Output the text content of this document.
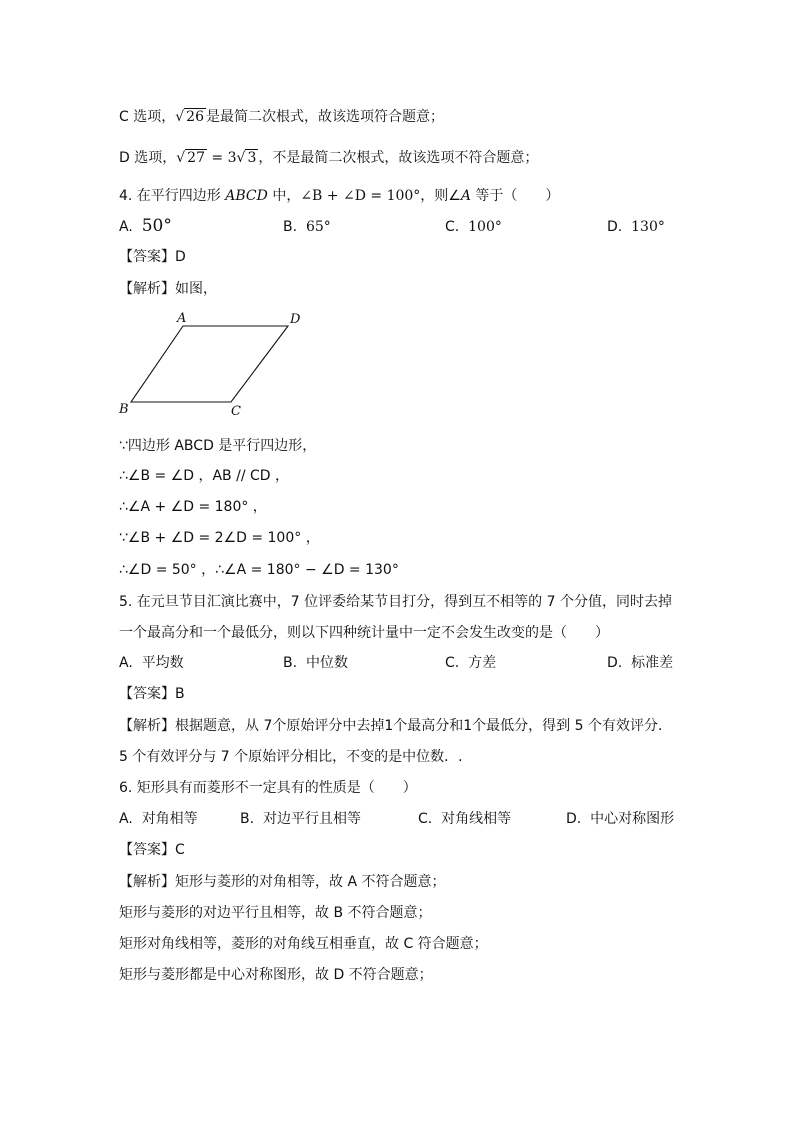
C 选项，√ 26 是最简二次根式，故该选项符合题意；
D 选项，√ 27 = 3√ 3 ，不是最简二次根式，故该选项不符合题意；
4. 在平行四边形 ABCD 中，∠B + ∠D = 100°，则∠A 等于（　　）
A. 50°	B. 65°	C. 100°	D. 130°
【答案】D
【解析】如图，
A	D
B	C
∵四边形 ABCD 是平行四边形，
∴∠B = ∠D ，AB // CD ，
∴∠A + ∠D = 180° ，
∵∠B + ∠D = 2∠D = 100° ，
∴∠D = 50° ，∴∠A = 180° − ∠D = 130°
5. 在元旦节目汇演比赛中，7 位评委给某节目打分，得到互不相等的 7 个分值，同时去掉
一个最高分和一个最低分，则以下四种统计量中一定不会发生改变的是（　　）
A. 平均数	B. 中位数	C. 方差	D. 标准差
【答案】B
【解析】根据题意，从 7个原始评分中去掉1个最高分和1个最低分，得到 5 个有效评分．
5 个有效评分与 7 个原始评分相比，不变的是中位数．.
6. 矩形具有而菱形不一定具有的性质是（　　）
A. 对角相等	B. 对边平行且相等	C. 对角线相等	D. 中心对称图形
【答案】C
【解析】矩形与菱形的对角相等，故 A 不符合题意；
矩形与菱形的对边平行且相等，故 B 不符合题意；
矩形对角线相等，菱形的对角线互相垂直，故 C 符合题意；
矩形与菱形都是中心对称图形，故 D 不符合题意；
